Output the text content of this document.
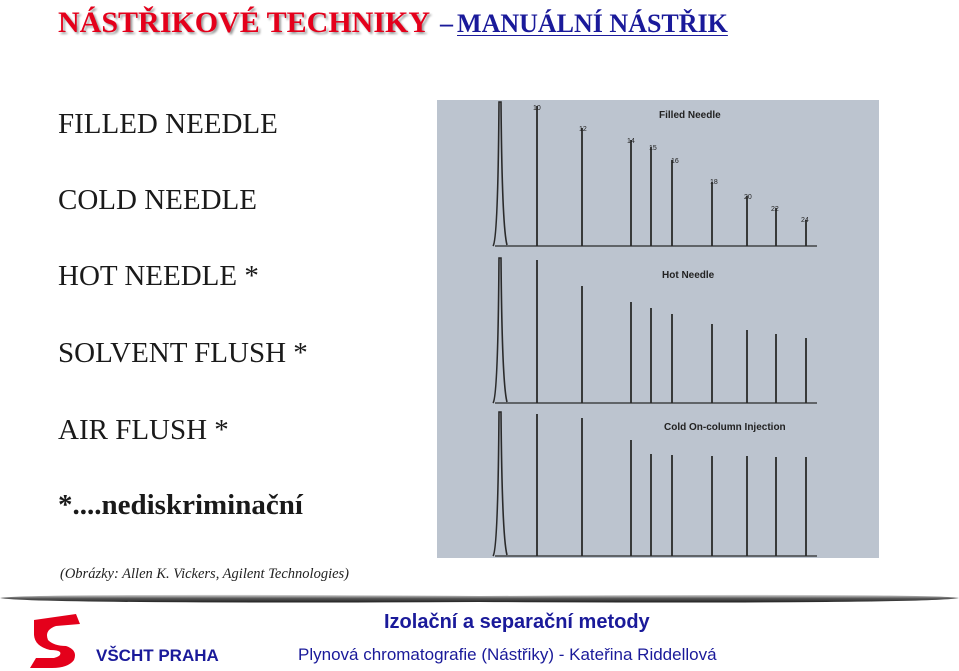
NÁSTŘIKOVÉ TECHNIKY – MANUÁLNÍ NÁSTŘIK
FILLED NEEDLE
COLD NEEDLE
HOT NEEDLE *
SOLVENT FLUSH *
AIR FLUSH *
*....nediskriminační
(Obrázky: Allen K. Vickers, Agilent Technologies)
Filled Needle
Hot Needle
Cold On-column Injection
10
12
14
15
16
18
20
22
24
Izolační a separační metody
Plynová chromatografie (Nástřiky) - Kateřina Riddellová
VŠCHT PRAHA
